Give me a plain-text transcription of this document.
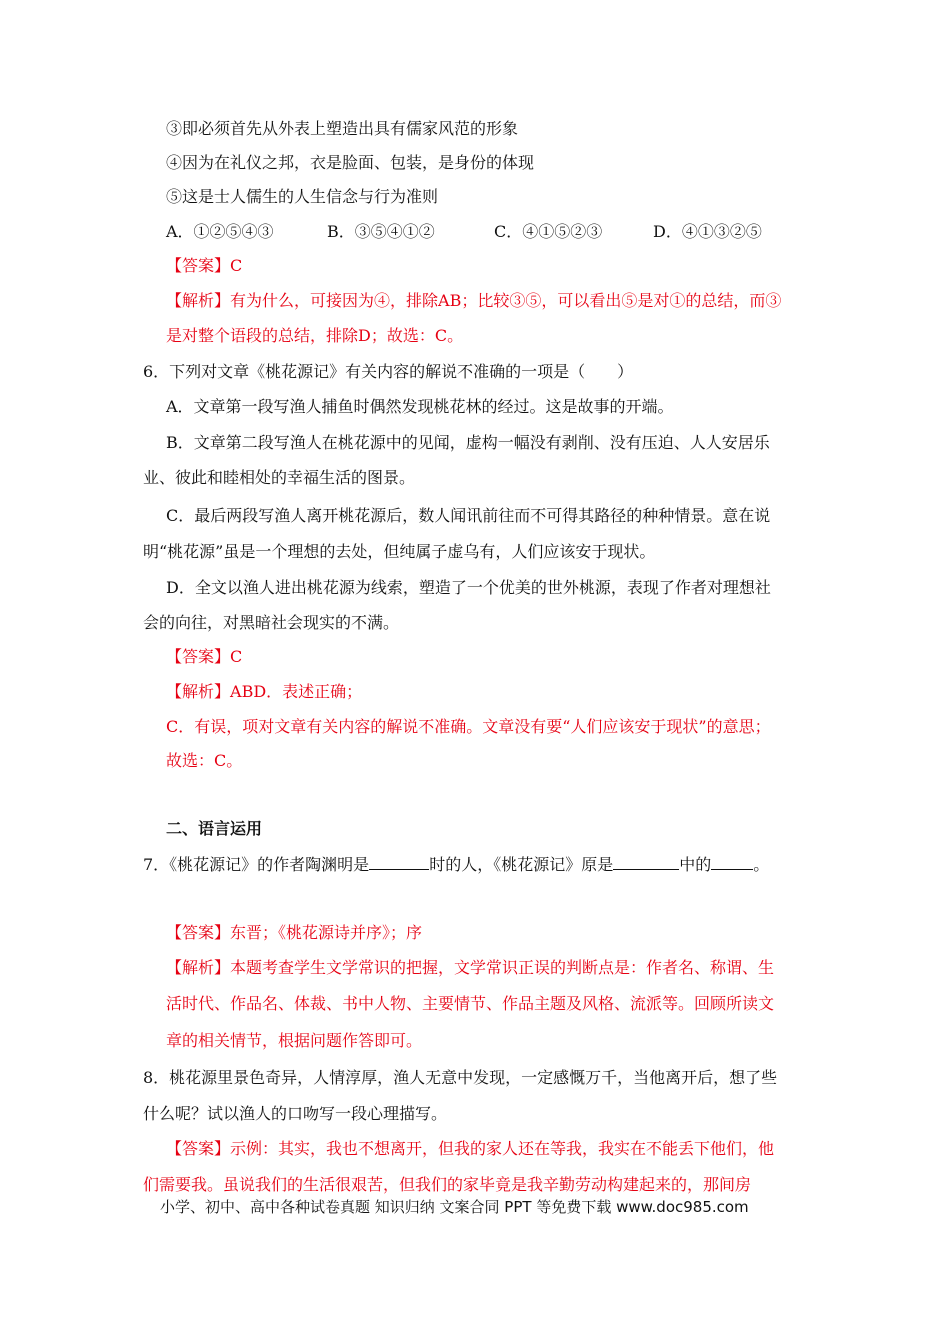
③即必须首先从外表上塑造出具有儒家风范的形象
④因为在礼仪之邦，衣是脸面、包装，是身份的体现
⑤这是士人儒生的人生信念与行为准则
A．①②⑤④③	B．③⑤④①②	C．④①⑤②③	D．④①③②⑤
【答案】C
【解析】有为什么，可接因为④，排除AB；比较③⑤，可以看出⑤是对①的总结，而③
是对整个语段的总结，排除D；故选：C。
6．下列对文章《桃花源记》有关内容的解说不准确的一项是（　　）
A．文章第一段写渔人捕鱼时偶然发现桃花林的经过。这是故事的开端。
B．文章第二段写渔人在桃花源中的见闻，虚构一幅没有剥削、没有压迫、人人安居乐
业、彼此和睦相处的幸福生活的图景。
C．最后两段写渔人离开桃花源后，数人闻讯前往而不可得其路径的种种情景。意在说
明“桃花源”虽是一个理想的去处，但纯属子虚乌有，人们应该安于现状。
D．全文以渔人进出桃花源为线索，塑造了一个优美的世外桃源，表现了作者对理想社
会的向往，对黑暗社会现实的不满。
【答案】C
【解析】ABD．表述正确；
C．有误，项对文章有关内容的解说不准确。文章没有要“人们应该安于现状”的意思；
故选：C。
二、语言运用
7．《桃花源记》的作者陶渊明是	时的人，《桃花源记》原是	中的	。
【答案】东晋；《桃花源诗并序》；序
【解析】本题考查学生文学常识的把握，文学常识正误的判断点是：作者名、称谓、生
活时代、作品名、体裁、书中人物、主要情节、作品主题及风格、流派等。回顾所读文
章的相关情节，根据问题作答即可。
8．桃花源里景色奇异，人情淳厚，渔人无意中发现，一定感慨万千，当他离开后，想了些
什么呢？试以渔人的口吻写一段心理描写。
【答案】示例：其实，我也不想离开，但我的家人还在等我，我实在不能丢下他们，他
们需要我。虽说我们的生活很艰苦，但我们的家毕竟是我辛勤劳动构建起来的，那间房
小学、初中、高中各种试卷真题 知识归纳 文案合同 PPT 等免费下载 www.doc985.com
